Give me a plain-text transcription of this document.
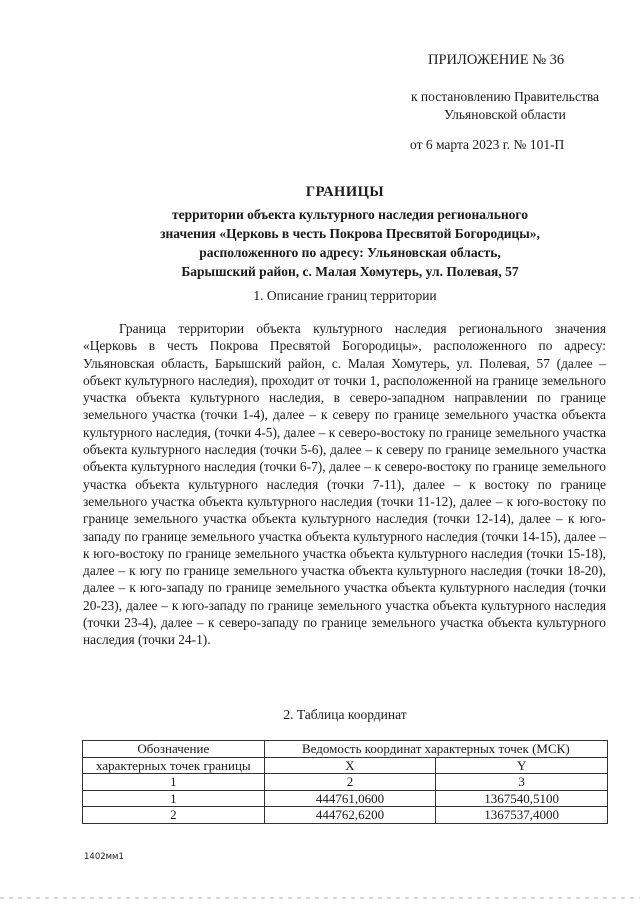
ПРИЛОЖЕНИЕ № 36
к постановлению Правительства
Ульяновской области
от 6 марта 2023 г. № 101-П
ГРАНИЦЫ
территории объекта культурного наследия регионального
значения «Церковь в честь Покрова Пресвятой Богородицы»,
расположенного по адресу: Ульяновская область,
Барышский район, с. Малая Хомутерь, ул. Полевая, 57
1. Описание границ территории
Граница территории объекта культурного наследия регионального значения «Церковь в честь Покрова Пресвятой Богородицы», расположенного по адресу: Ульяновская область, Барышский район, с. Малая Хомутерь, ул. Полевая, 57 (далее – объект культурного наследия), проходит от точки 1, расположенной на границе земельного участка объекта культурного наследия, в северо-западном направлении по границе земельного участка (точки 1-4), далее – к северу по границе земельного участка объекта культурного наследия, (точки 4-5), далее – к северо-востоку по границе земельного участка объекта культурного наследия (точки 5-6), далее – к северу по границе земельного участка объекта культурного наследия (точки 6-7), далее – к северо-востоку по границе земельного участка объекта культурного наследия (точки 7-11), далее – к востоку по границе земельного участка объекта культурного наследия (точки 11-12), далее – к юго-востоку по границе земельного участка объекта культурного наследия (точки 12-14), далее – к юго-западу по границе земельного участка объекта культурного наследия (точки 14-15), далее – к юго-востоку по границе земельного участка объекта культурного наследия (точки 15-18), далее – к югу по границе земельного участка объекта культурного наследия (точки 18-20), далее – к юго-западу по границе земельного участка объекта культурного наследия (точки 20-23), далее – к юго-западу по границе земельного участка объекта культурного наследия (точки 23-4), далее – к северо-западу по границе земельного участка объекта культурного наследия (точки 24-1).
2. Таблица координат
Обозначение	Ведомость координат характерных точек (МСК)	
характерных точек границы	X	Y
1	2	3
1	444761,0600	1367540,5100
2	444762,6200	1367537,4000
1402мм1
